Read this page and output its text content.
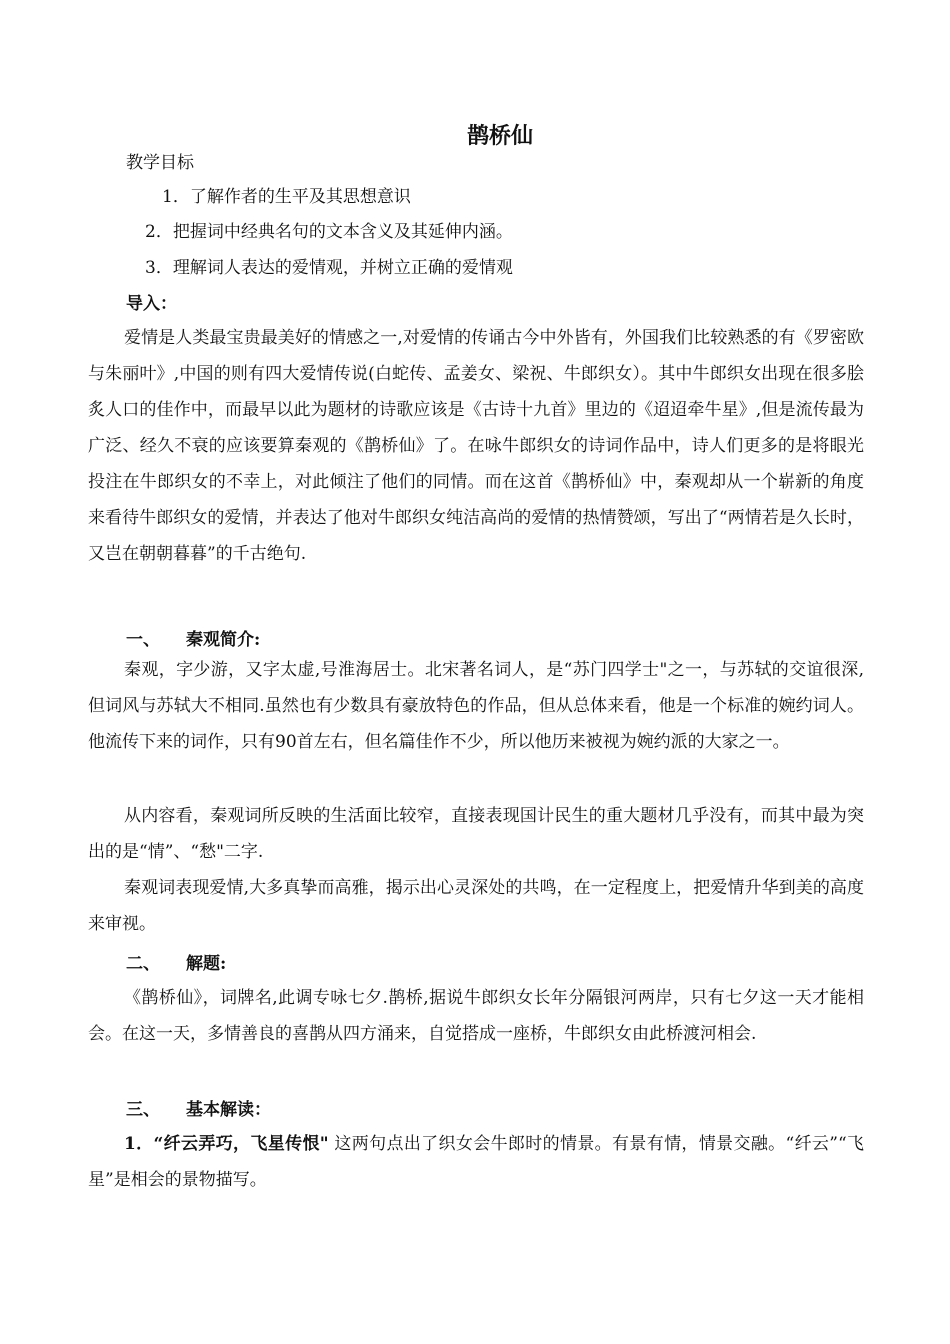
鹊桥仙
教学目标
1．了解作者的生平及其思想意识
2．把握词中经典名句的文本含义及其延伸内涵。
3．理解词人表达的爱情观，并树立正确的爱情观
导入：
爱情是人类最宝贵最美好的情感之一,对爱情的传诵古今中外皆有，外国我们比较熟悉的有《罗密欧与朱丽叶》,中国的则有四大爱情传说(白蛇传、孟姜女、梁祝、牛郎织女）。其中牛郎织女出现在很多脍炙人口的佳作中，而最早以此为题材的诗歌应该是《古诗十九首》里边的《迢迢牵牛星》,但是流传最为广泛、经久不衰的应该要算秦观的《鹊桥仙》了。在咏牛郎织女的诗词作品中，诗人们更多的是将眼光投注在牛郎织女的不幸上，对此倾注了他们的同情。而在这首《鹊桥仙》中，秦观却从一个崭新的角度来看待牛郎织女的爱情，并表达了他对牛郎织女纯洁高尚的爱情的热情赞颂，写出了“两情若是久长时，又岂在朝朝暮暮”的千古绝句.
一、 秦观简介:
秦观，字少游，又字太虚,号淮海居士。北宋著名词人，是“苏门四学士"之一，与苏轼的交谊很深,但词风与苏轼大不相同.虽然也有少数具有豪放特色的作品，但从总体来看，他是一个标准的婉约词人。他流传下来的词作，只有90首左右，但名篇佳作不少，所以他历来被视为婉约派的大家之一。
从内容看，秦观词所反映的生活面比较窄，直接表现国计民生的重大题材几乎没有，而其中最为突出的是“情”、“愁"二字.
秦观词表现爱情,大多真挚而高雅，揭示出心灵深处的共鸣，在一定程度上，把爱情升华到美的高度来审视。
二、 解题:
《鹊桥仙》，词牌名,此调专咏七夕.鹊桥,据说牛郎织女长年分隔银河两岸，只有七夕这一天才能相会。在这一天，多情善良的喜鹊从四方涌来，自觉搭成一座桥，牛郎织女由此桥渡河相会.
三、 基本解读：
1．“纤云弄巧，飞星传恨" 这两句点出了织女会牛郎时的情景。有景有情，情景交融。“纤云”“飞星”是相会的景物描写。
